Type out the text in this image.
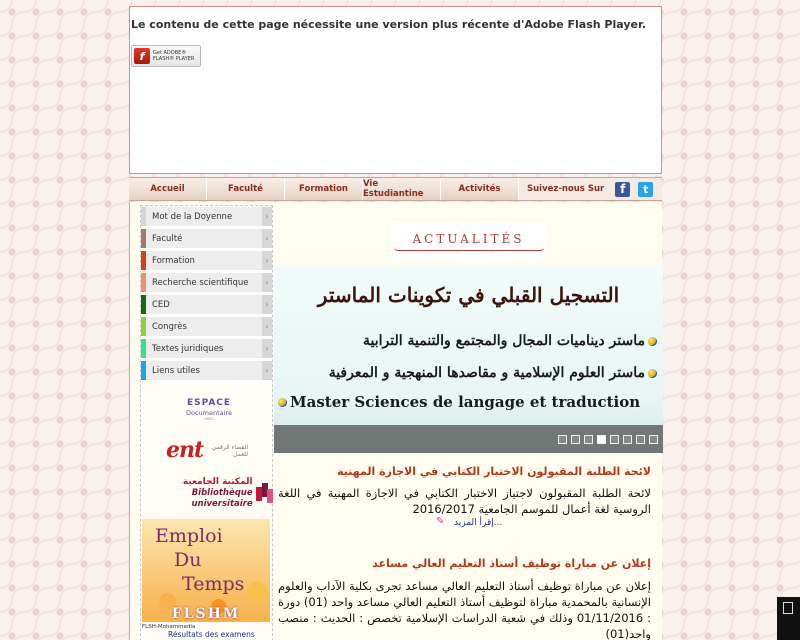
Le contenu de cette page nécessite une version plus récente d'Adobe Flash Player.
f	Get ADOBE®
FLASH® PLAYER
Accueil	Faculté	Formation	Vie Estudiantine	Activités	Suivez-nous Sur	f	t
Mot de la Doyenne	›
Faculté	›
Formation	›
Recherche scientifique	›
CED	›
Congrès	›
Textes juridiques	›
Liens utiles	›
ESPACE
Documentaire
UH2C
ent الفضاء الرقمي
للعمل
المكتبة الجامعية
Bibliothèque universitaire
Emploi
Du
Temps
FLSHM
FLSH-Mohammedia
Résultats des examens
ACTUALITÉS
التسجيل القبلي في تكوينات الماستر
ماستر ديناميات المجال والمجتمع والتنمية الترابية
ماستر العلوم الإسلامية و مقاصدها المنهجية و المعرفية
Master Sciences de langage et traduction
لائحة الطلبة المقبولون الاختبار الكتابي في الاجازة المهنية
لائحة الطلبة المقبولون لاجتياز الاختبار الكتابي في الاجازة المهنية في اللغة الروسية لغة أعمال للموسم الجامعية 2016/2017
✎ إقرأ المزيد...
إعلان عن مباراة توظيف أستاذ التعليم العالي مساعد
إعلان عن مباراة توظيف أستاذ التعليم العالي مساعد تجرى بكلية الآداب والعلوم الإنسانية بالمحمدية مباراة لتوظيف أستاذ التعليم العالي مساعد واحد (01) دورة : 01/11/2016 وذلك في شعبة الدراسات الإسلامية تخصص : الحديث : منصب واحد(01)
